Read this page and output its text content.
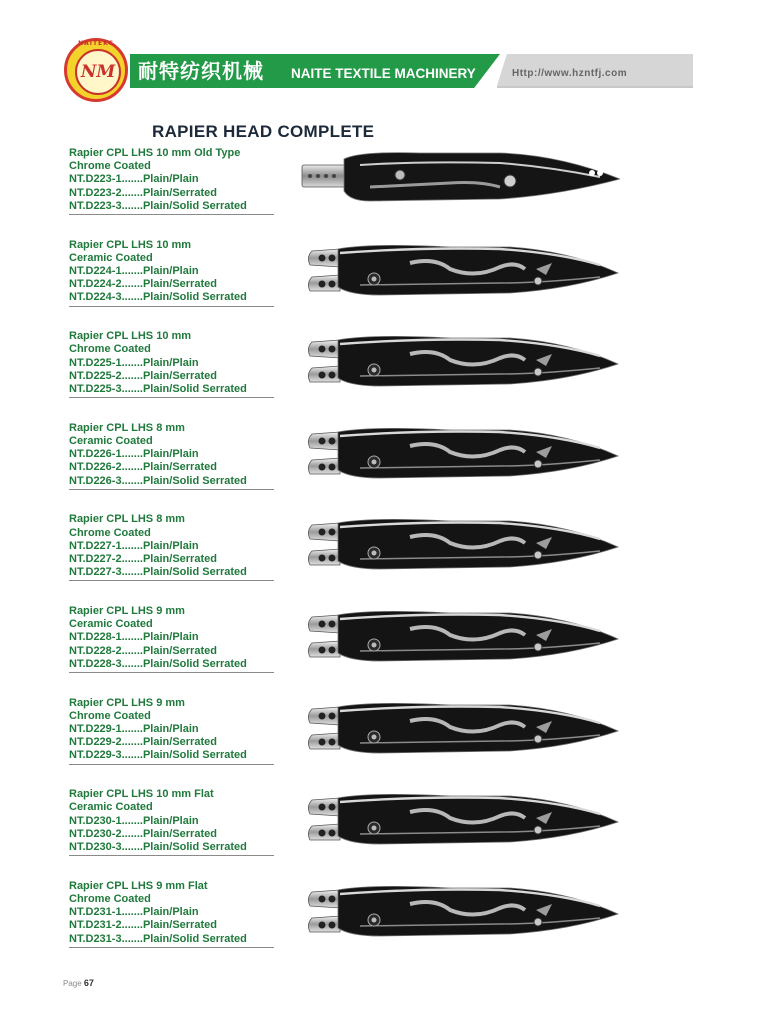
NAITEKC
NM 耐特纺织机械 NAITE TEXTILE MACHINERY	Http://www.hzntfj.com
RAPIER HEAD COMPLETE
Rapier CPL LHS 10 mm Old Type
Chrome Coated
NT.D223-1.......Plain/Plain
NT.D223-2.......Plain/Serrated
NT.D223-3.......Plain/Solid Serrated
Rapier CPL LHS 10 mm
Ceramic Coated
NT.D224-1.......Plain/Plain
NT.D224-2.......Plain/Serrated
NT.D224-3.......Plain/Solid Serrated
Rapier CPL LHS 10 mm
Chrome Coated
NT.D225-1.......Plain/Plain
NT.D225-2.......Plain/Serrated
NT.D225-3.......Plain/Solid Serrated
Rapier CPL LHS 8 mm
Ceramic Coated
NT.D226-1.......Plain/Plain
NT.D226-2.......Plain/Serrated
NT.D226-3.......Plain/Solid Serrated
Rapier CPL LHS 8 mm
Chrome Coated
NT.D227-1.......Plain/Plain
NT.D227-2.......Plain/Serrated
NT.D227-3.......Plain/Solid Serrated
Rapier CPL LHS 9 mm
Ceramic Coated
NT.D228-1.......Plain/Plain
NT.D228-2.......Plain/Serrated
NT.D228-3.......Plain/Solid Serrated
Rapier CPL LHS 9 mm
Chrome Coated
NT.D229-1.......Plain/Plain
NT.D229-2.......Plain/Serrated
NT.D229-3.......Plain/Solid Serrated
Rapier CPL LHS 10 mm Flat
Ceramic Coated
NT.D230-1.......Plain/Plain
NT.D230-2.......Plain/Serrated
NT.D230-3.......Plain/Solid Serrated
Rapier CPL LHS 9 mm Flat
Chrome Coated
NT.D231-1.......Plain/Plain
NT.D231-2.......Plain/Serrated
NT.D231-3.......Plain/Solid Serrated
Page 67
